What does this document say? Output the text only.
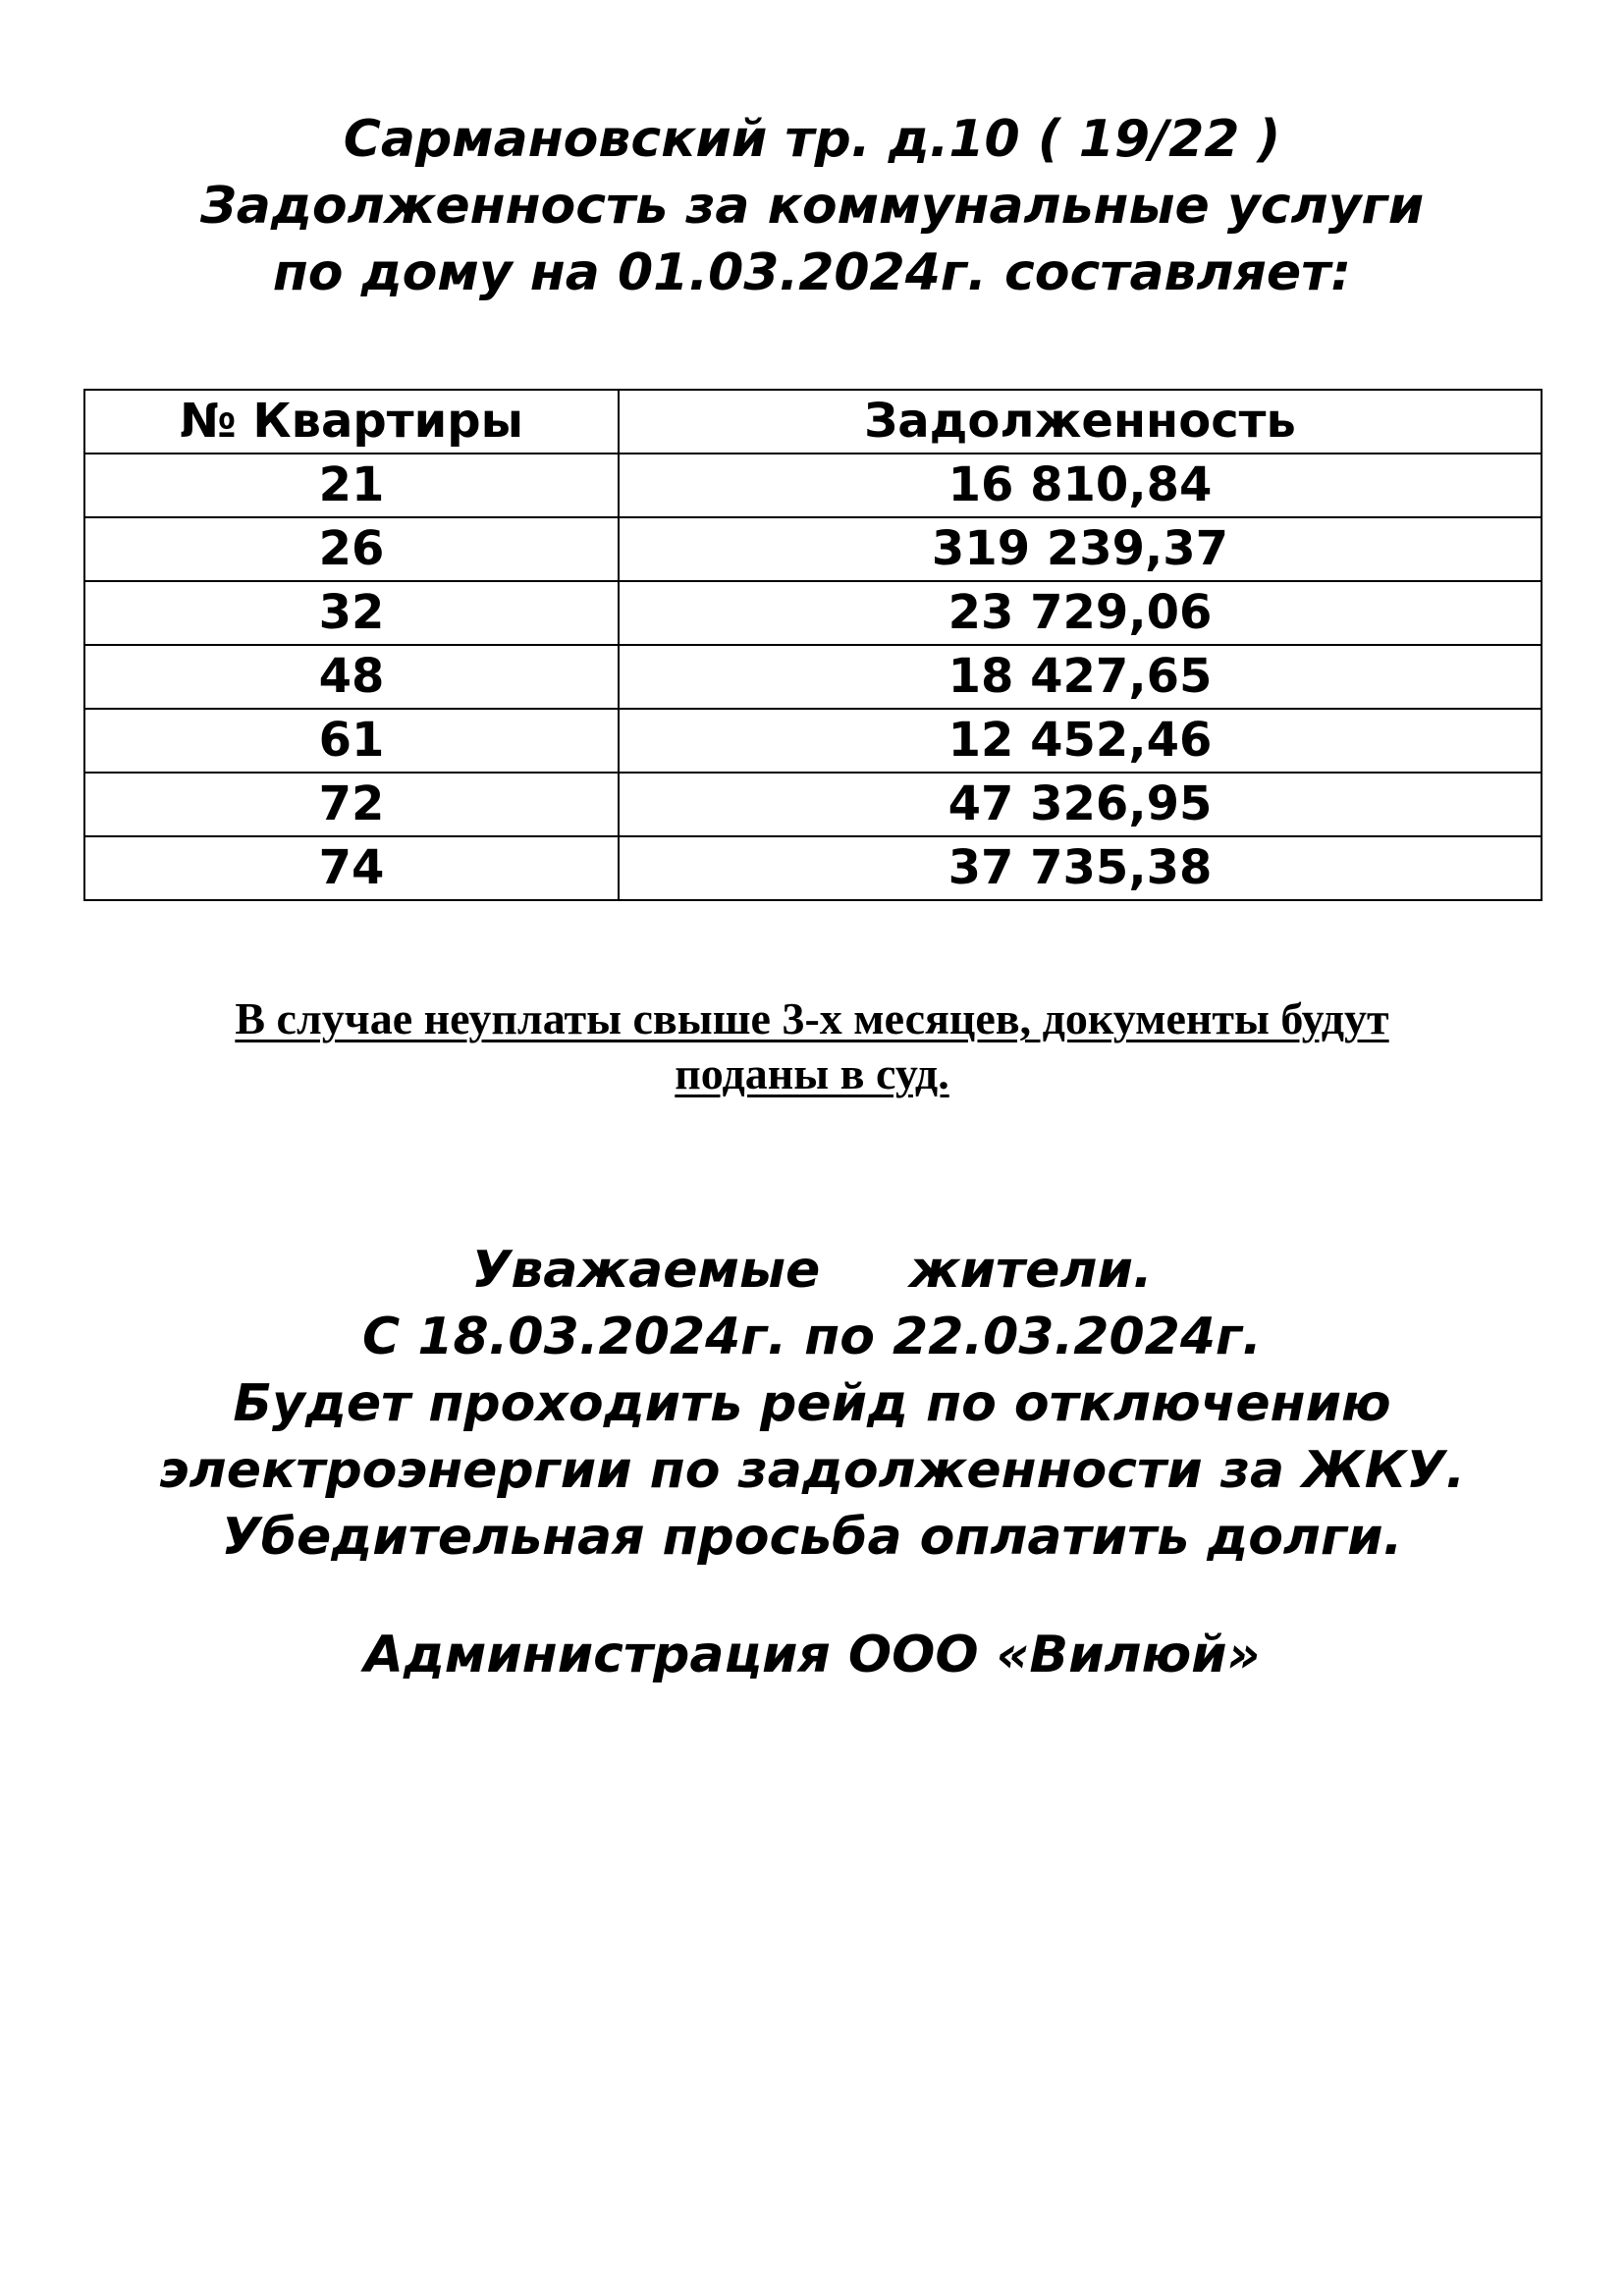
Сармановский тр. д.10 ( 19/22 )
Задолженность за коммунальные услуги
по дому на 01.03.2024г. составляет:
№ Квартиры	Задолженность
21	16 810,84
26	319 239,37
32	23 729,06
48	18 427,65
61	12 452,46
72	47 326,95
74	37 735,38
В случае неуплаты свыше 3-х месяцев, документы будут
поданы в суд.
Уважаемые     жители.
С 18.03.2024г. по 22.03.2024г.
Будет проходить рейд по отключению
электроэнергии по задолженности за ЖКУ.
Убедительная просьба оплатить долги.
Администрация ООО «Вилюй»
